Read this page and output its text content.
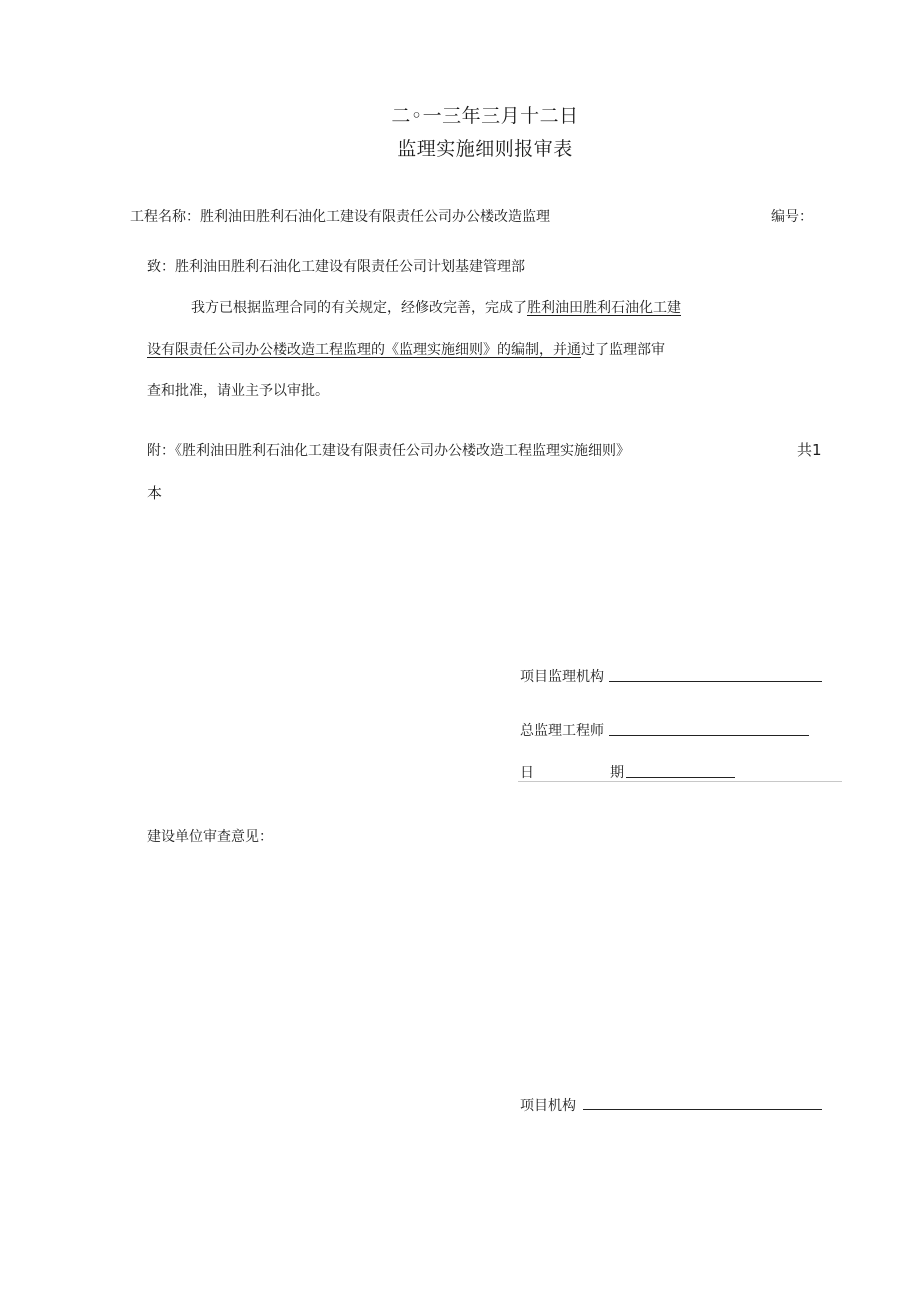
二◦一三年三月十二日
监理实施细则报审表
工程名称：胜利油田胜利石油化工建设有限责任公司办公楼改造监理	编号：
致：胜利油田胜利石油化工建设有限责任公司计划基建管理部
我方已根据监理合同的有关规定，经修改完善，完成了胜利油田胜利石油化工建
设有限责任公司办公楼改造工程监理的《监理实施细则》的编制，并通过了监理部审
查和批准，请业主予以审批。
附：《胜利油田胜利石油化工建设有限责任公司办公楼改造工程监理实施细则》	共1
本
项目监理机构
总监理工程师
日	期
建设单位审查意见：
项目机构
